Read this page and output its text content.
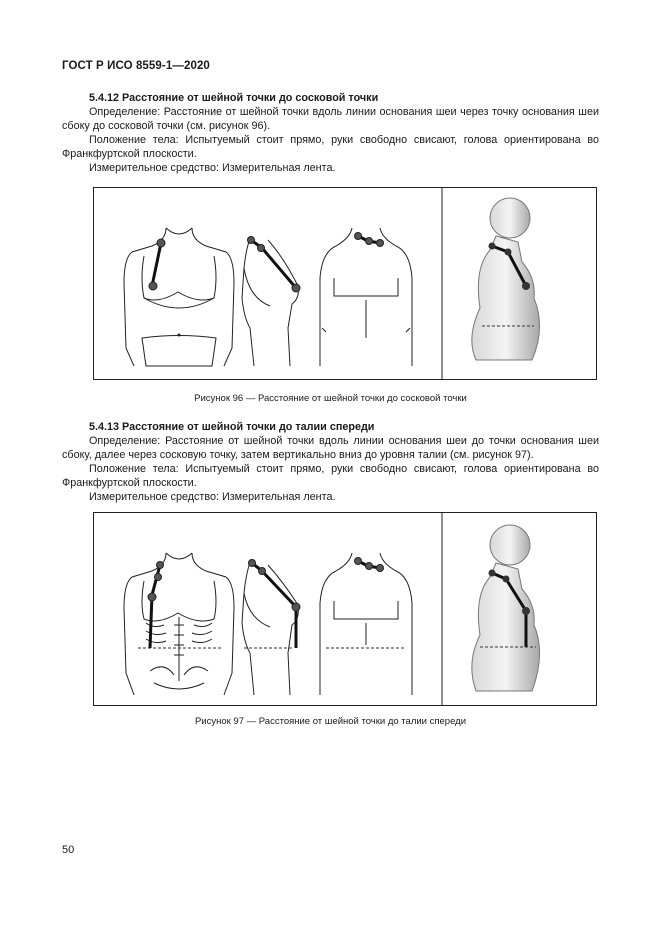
ГОСТ Р ИСО 8559-1—2020

5.4.12 Расстояние от шейной точки до сосковой точки

Определение: Расстояние от шейной точки вдоль линии основания шеи через точку основания шеи сбоку до сосковой точки (см. рисунок 96).

Положение тела: Испытуемый стоит прямо, руки свободно свисают, голова ориентирована во Франкфуртской плоскости.

Измерительное средство: Измерительная лента.

Рисунок 96 — Расстояние от шейной точки до сосковой точки

5.4.13 Расстояние от шейной точки до талии спереди

Определение: Расстояние от шейной точки вдоль линии основания шеи до точки основания шеи сбоку, далее через сосковую точку, затем вертикально вниз до уровня талии (см. рисунок 97).

Положение тела: Испытуемый стоит прямо, руки свободно свисают, голова ориентирована во Франкфуртской плоскости.

Измерительное средство: Измерительная лента.

Рисунок 97 — Расстояние от шейной точки до талии спереди
50
